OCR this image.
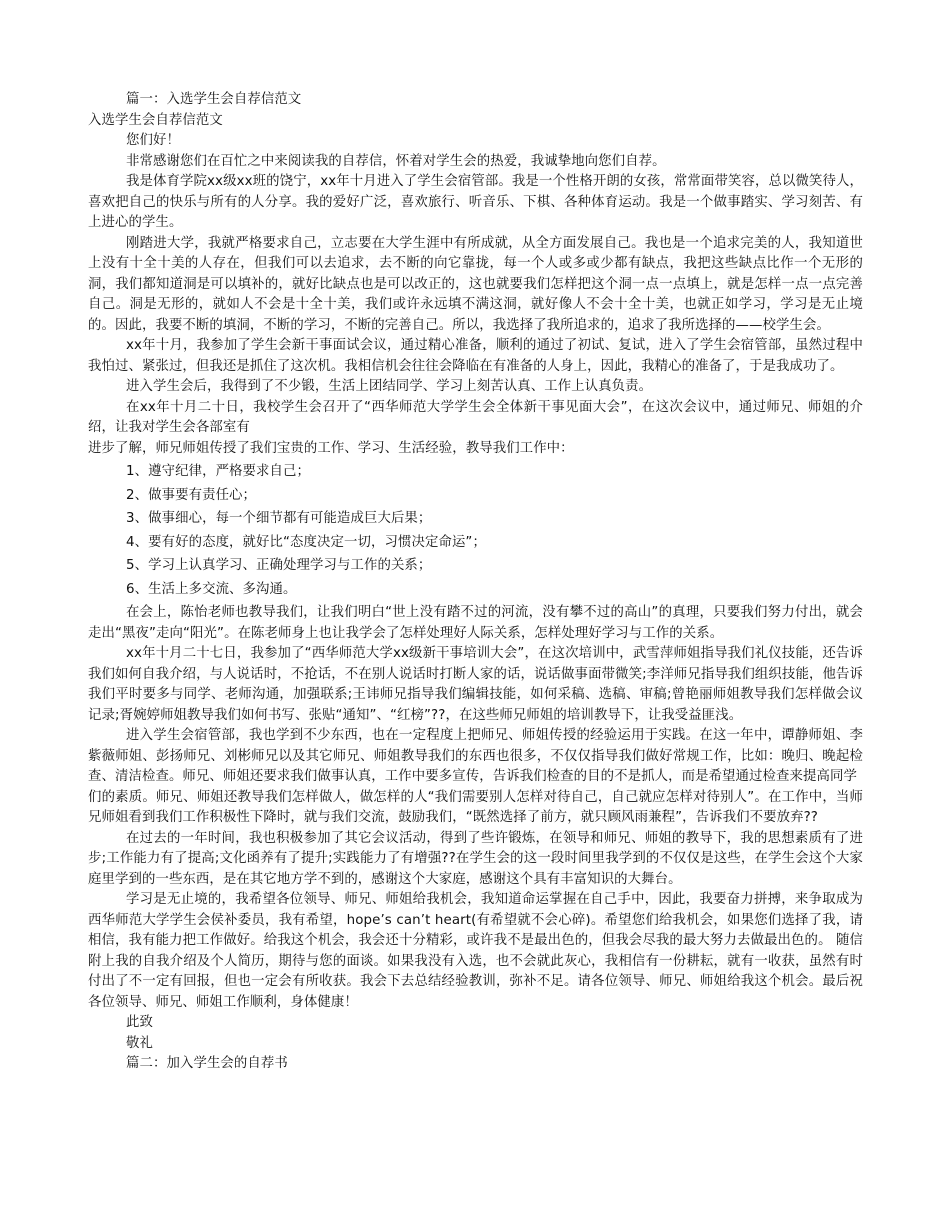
篇一：入选学生会自荐信范文
入选学生会自荐信范文
您们好！

非常感谢您们在百忙之中来阅读我的自荐信，怀着对学生会的热爱，我诚挚地向您们自荐。

我是体育学院xx级xx班的饶宁，xx年十月进入了学生会宿管部。我是一个性格开朗的女孩，常常面带笑容，总以微笑待人，喜欢把自己的快乐与所有的人分享。我的爱好广泛，喜欢旅行、听音乐、下棋、各种体育运动。我是一个做事踏实、学习刻苦、有上进心的学生。

刚踏进大学，我就严格要求自己，立志要在大学生涯中有所成就，从全方面发展自己。我也是一个追求完美的人，我知道世上没有十全十美的人存在，但我们可以去追求，去不断的向它靠拢，每一个人或多或少都有缺点，我把这些缺点比作一个无形的洞，我们都知道洞是可以填补的，就好比缺点也是可以改正的，这也就要我们怎样把这个洞一点一点填上，就是怎样一点一点完善自己。洞是无形的，就如人不会是十全十美，我们或许永远填不满这洞，就好像人不会十全十美，也就正如学习，学习是无止境的。因此，我要不断的填洞，不断的学习，不断的完善自己。所以，我选择了我所追求的，追求了我所选择的——校学生会。

xx年十月，我参加了学生会新干事面试会议，通过精心准备，顺利的通过了初试、复试，进入了学生会宿管部，虽然过程中我怕过、紧张过，但我还是抓住了这次机。我相信机会往往会降临在有准备的人身上，因此，我精心的准备了，于是我成功了。

进入学生会后，我得到了不少锻，生活上团结同学、学习上刻苦认真、工作上认真负责。

在xx年十月二十日，我校学生会召开了“西华师范大学学生会全体新干事见面大会”，在这次会议中，通过师兄、师姐的介绍，让我对学生会各部室有

进步了解，师兄师姐传授了我们宝贵的工作、学习、生活经验，教导我们工作中：

1、遵守纪律，严格要求自己；
2、做事要有责任心；
3、做事细心，每一个细节都有可能造成巨大后果；
4、要有好的态度，就好比“态度决定一切，习惯决定命运”；
5、学习上认真学习、正确处理学习与工作的关系；
6、生活上多交流、多沟通。

在会上，陈怡老师也教导我们，让我们明白“世上没有踏不过的河流，没有攀不过的高山”的真理，只要我们努力付出，就会走出“黑夜”走向“阳光”。在陈老师身上也让我学会了怎样处理好人际关系，怎样处理好学习与工作的关系。

xx年十月二十七日，我参加了“西华师范大学xx级新干事培训大会”，在这次培训中，武雪萍师姐指导我们礼仪技能，还告诉我们如何自我介绍，与人说话时，不抢话，不在别人说话时打断人家的话，说话做事面带微笑;李洋师兄指导我们组织技能，他告诉我们平时要多与同学、老师沟通，加强联系;王讳师兄指导我们编辑技能，如何采稿、选稿、审稿;曾艳丽师姐教导我们怎样做会议记录;胥婉婷师姐教导我们如何书写、张贴“通知”、“红榜”??，在这些师兄师姐的培训教导下，让我受益匪浅。

进入学生会宿管部，我也学到不少东西，也在一定程度上把师兄、师姐传授的经验运用于实践。在这一年中，谭静师姐、李紫薇师姐、彭扬师兄、刘彬师兄以及其它师兄、师姐教导我们的东西也很多，不仅仅指导我们做好常规工作，比如：晚归、晚起检查、清洁检查。师兄、师姐还要求我们做事认真，工作中要多宣传，告诉我们检查的目的不是抓人，而是希望通过检查来提高同学

们的素质。师兄、师姐还教导我们怎样做人，做怎样的人“我们需要别人怎样对待自己，自己就应怎样对待别人”。在工作中，当师兄师姐看到我们工作积极性下降时，就与我们交流，鼓励我们，“既然选择了前方，就只顾风雨兼程”，告诉我们不要放弃??

在过去的一年时间，我也积极参加了其它会议活动，得到了些许锻炼，在领导和师兄、师姐的教导下，我的思想素质有了进步;工作能力有了提高;文化函养有了提升;实践能力了有增强??在学生会的这一段时间里我学到的不仅仅是这些，在学生会这个大家庭里学到的一些东西，是在其它地方学不到的，感谢这个大家庭，感谢这个具有丰富知识的大舞台。

学习是无止境的，我希望各位领导、师兄、师姐给我机会，我知道命运掌握在自己手中，因此，我要奋力拼搏，来争取成为西华师范大学学生会侯补委员，我有希望，hope’s can’t heart(有希望就不会心碎)。希望您们给我机会，如果您们选择了我，请相信，我有能力把工作做好。给我这个机会，我会还十分精彩，或许我不是最出色的，但我会尽我的最大努力去做最出色的。 随信附上我的自我介绍及个人简历，期待与您的面谈。如果我没有入选，也不会就此灰心，我相信有一份耕耘，就有一收获，虽然有时付出了不一定有回报，但也一定会有所收获。我会下去总结经验教训，弥补不足。请各位领导、师兄、师姐给我这个机会。最后祝各位领导、师兄、师姐工作顺利，身体健康！

此致
敬礼
篇二：加入学生会的自荐书
